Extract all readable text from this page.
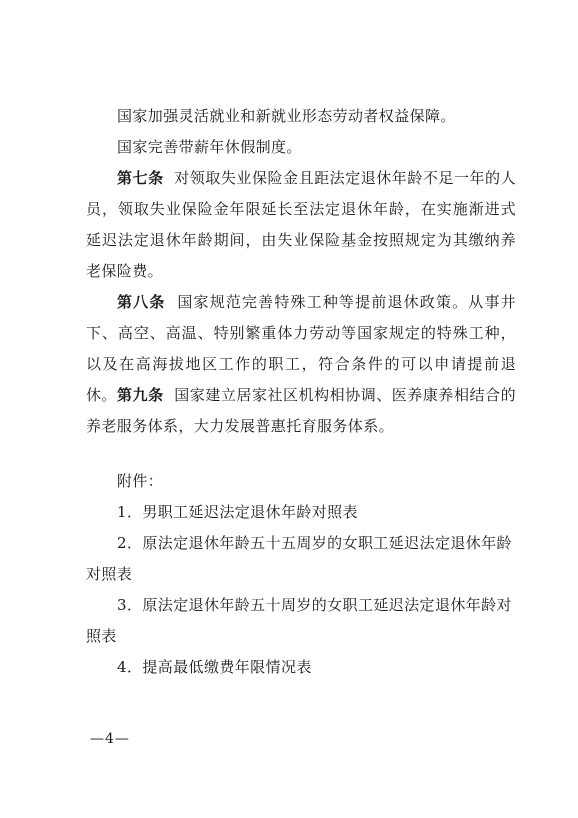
国家加强灵活就业和新就业形态劳动者权益保障。

国家完善带薪年休假制度。

第七条 对领取失业保险金且距法定退休年龄不足一年的人员，领取失业保险金年限延长至法定退休年龄，在实施渐进式延迟法定退休年龄期间，由失业保险基金按照规定为其缴纳养老保险费。

第八条 国家规范完善特殊工种等提前退休政策。从事井下、高空、高温、特别繁重体力劳动等国家规定的特殊工种，以及在高海拔地区工作的职工，符合条件的可以申请提前退休。 第九条 国家建立居家社区机构相协调、医养康养相结合的养老服务体系，大力发展普惠托育服务体系。

附件：

1．男职工延迟法定退休年龄对照表

2．原法定退休年龄五十五周岁的女职工延迟法定退休年龄对照表

3．原法定退休年龄五十周岁的女职工延迟法定退休年龄对照表

4．提高最低缴费年限情况表

—4—
